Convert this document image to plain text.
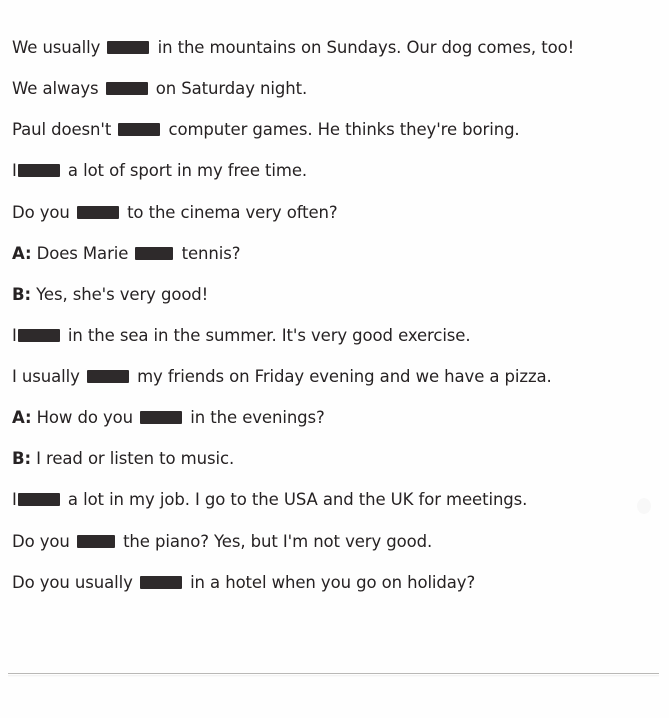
We usually	in the mountains on Sundays. Our dog comes, too!
We always	on Saturday night.
Paul doesn't	computer games. He thinks they're boring.
I	a lot of sport in my free time.
Do you	to the cinema very often?
A: Does Marie	tennis?
B: Yes, she's very good!
I	in the sea in the summer. It's very good exercise.
I usually	my friends on Friday evening and we have a pizza.
A: How do you	in the evenings?
B: I read or listen to music.
I	a lot in my job. I go to the USA and the UK for meetings.
Do you	the piano? Yes, but I'm not very good.
Do you usually	in a hotel when you go on holiday?
